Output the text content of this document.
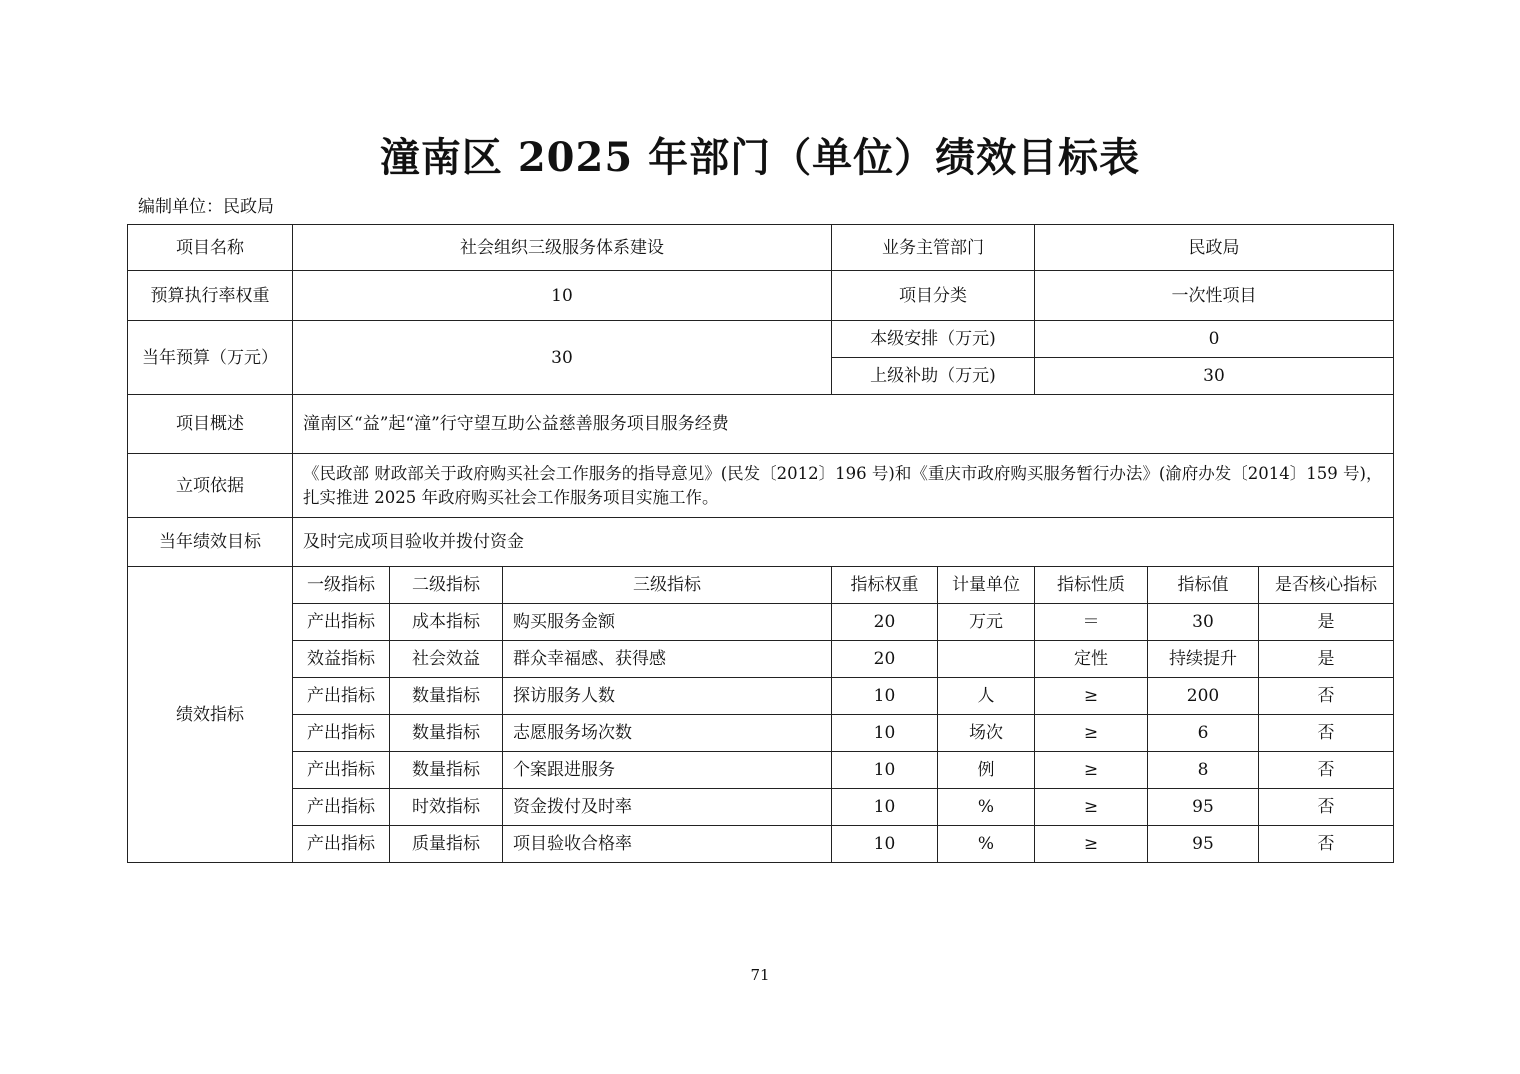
潼南区 2025 年部门（单位）绩效目标表
编制单位：民政局
项目名称	社会组织三级服务体系建设			业务主管部门		民政局		
预算执行率权重	10			项目分类		一次性项目		
当年预算（万元）	30			本级安排（万元)		0		
				上级补助（万元)		30		
项目概述	潼南区“益”起“潼”行守望互助公益慈善服务项目服务经费							
立项依据	《民政部 财政部关于政府购买社会工作服务的指导意见》(民发〔2012〕196 号)和《重庆市政府购买服务暂行办法》(渝府办发〔2014〕159 号)，扎实推进 2025 年政府购买社会工作服务项目实施工作。							
当年绩效目标	及时完成项目验收并拨付资金							
绩效指标	一级指标	二级指标	三级指标	指标权重	计量单位	指标性质	指标值	是否核心指标
	产出指标	成本指标	购买服务金额	20	万元	＝	30	是
	效益指标	社会效益	群众幸福感、获得感	20		定性	持续提升	是
	产出指标	数量指标	探访服务人数	10	人	≥	200	否
	产出指标	数量指标	志愿服务场次数	10	场次	≥	6	否
	产出指标	数量指标	个案跟进服务	10	例	≥	8	否
	产出指标	时效指标	资金拨付及时率	10	%	≥	95	否
	产出指标	质量指标	项目验收合格率	10	%	≥	95	否
71
